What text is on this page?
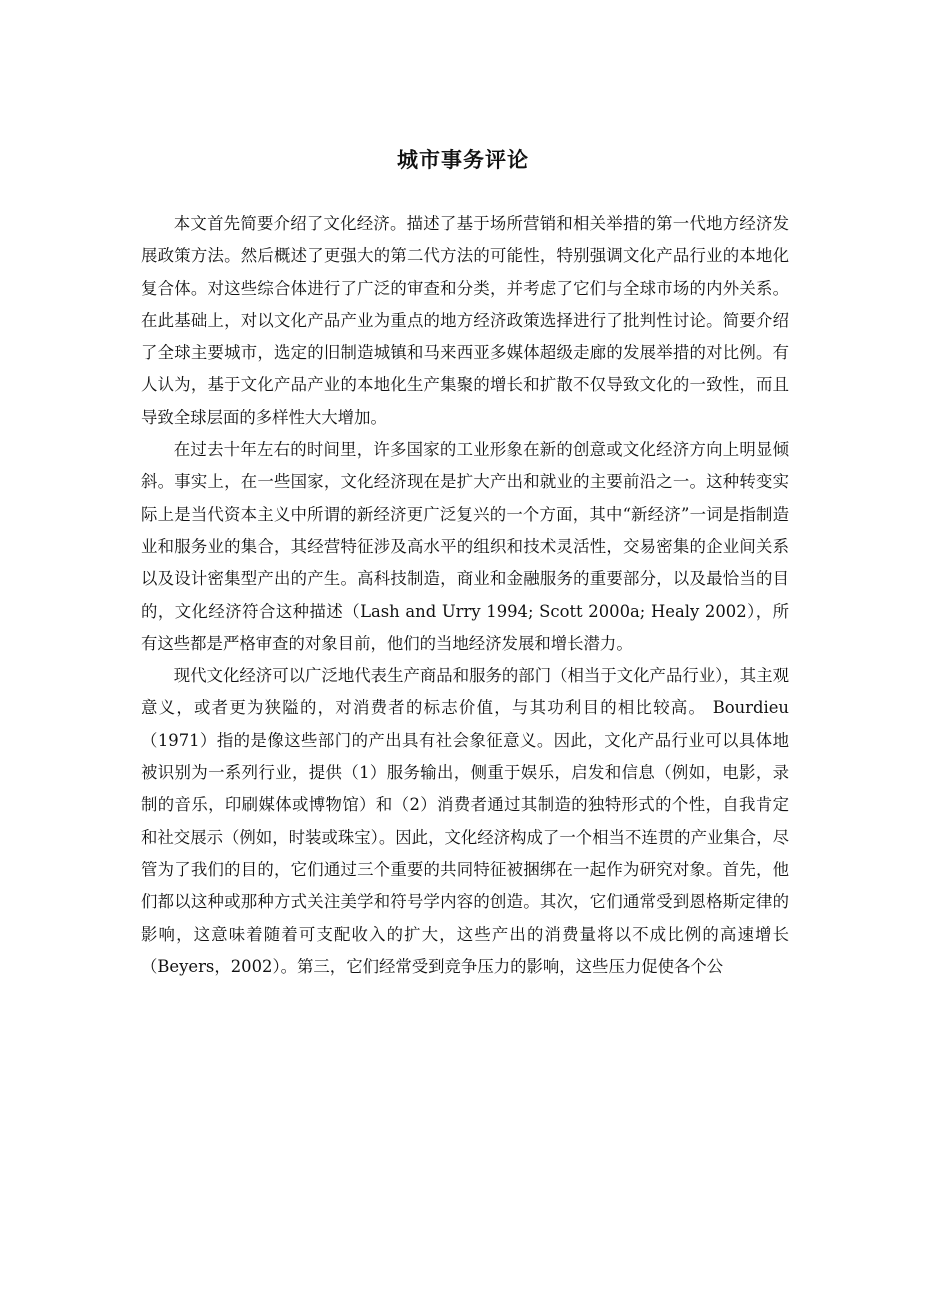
城市事务评论

本文首先简要介绍了文化经济。描述了基于场所营销和相关举措的第一代地方经济发展政策方法。然后概述了更强大的第二代方法的可能性，特别强调文化产品行业的本地化复合体。对这些综合体进行了广泛的审查和分类，并考虑了它们与全球市场的内外关系。在此基础上，对以文化产品产业为重点的地方经济政策选择进行了批判性讨论。简要介绍了全球主要城市，选定的旧制造城镇和马来西亚多媒体超级走廊的发展举措的对比例。有人认为，基于文化产品产业的本地化生产集聚的增长和扩散不仅导致文化的一致性，而且导致全球层面的多样性大大增加。

在过去十年左右的时间里，许多国家的工业形象在新的创意或文化经济方向上明显倾斜。事实上，在一些国家，文化经济现在是扩大产出和就业的主要前沿之一。这种转变实际上是当代资本主义中所谓的新经济更广泛复兴的一个方面，其中“新经济”一词是指制造业和服务业的集合，其经营特征涉及高水平的组织和技术灵活性，交易密集的企业间关系以及设计密集型产出的产生。高科技制造，商业和金融服务的重要部分，以及最恰当的目的，文化经济符合这种描述（Lash and Urry 1994; Scott 2000a; Healy 2002），所有这些都是严格审查的对象目前，他们的当地经济发展和增长潜力。

现代文化经济可以广泛地代表生产商品和服务的部门（相当于文化产品行业），其主观意义，或者更为狭隘的，对消费者的标志价值，与其功利目的相比较高。 Bourdieu（1971）指的是像这些部门的产出具有社会象征意义。因此，文化产品行业可以具体地被识别为一系列行业，提供（1）服务输出，侧重于娱乐，启发和信息（例如，电影，录制的音乐，印刷媒体或博物馆）和（2）消费者通过其制造的独特形式的个性，自我肯定和社交展示（例如，时装或珠宝）。因此，文化经济构成了一个相当不连贯的产业集合，尽管为了我们的目的，它们通过三个重要的共同特征被捆绑在一起作为研究对象。首先，他们都以这种或那种方式关注美学和符号学内容的创造。其次，它们通常受到恩格斯定律的影响，这意味着随着可支配收入的扩大，这些产出的消费量将以不成比例的高速增长（Beyers，2002）。第三，它们经常受到竞争压力的影响，这些压力促使各个公
